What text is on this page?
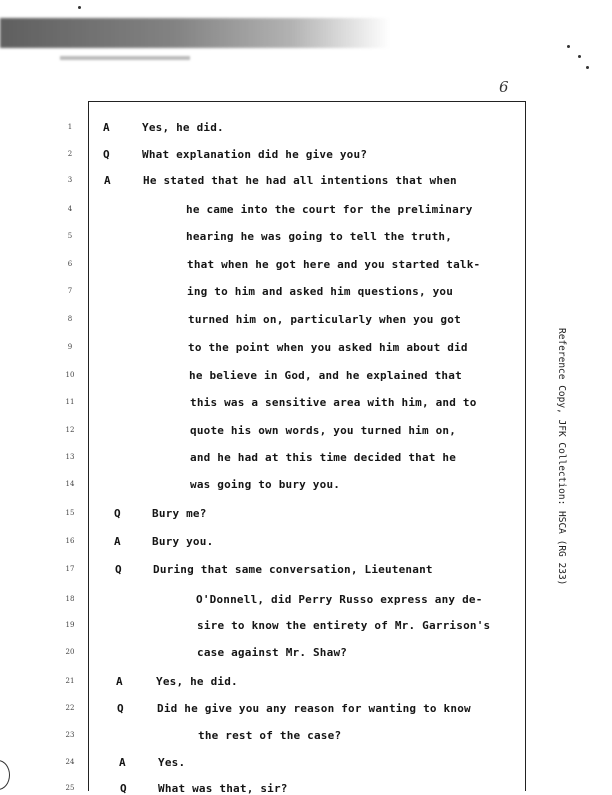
6
Reference Copy, JFK Collection: HSCA (RG 233)
1	A	Yes, he did.
2	Q	What explanation did he give you?
3	A	He stated that he had all intentions that when
4	he came into the court for the preliminary
5	hearing he was going to tell the truth,
6	that when he got here and you started talk-
7	ing to him and asked him questions, you
8	turned him on, particularly when you got
9	to the point when you asked him about did
10	he believe in God, and he explained that
11	this was a sensitive area with him, and to
12	quote his own words, you turned him on,
13	and he had at this time decided that he
14	was going to bury you.
15	Q	Bury me?
16	A	Bury you.
17	Q	During that same conversation, Lieutenant
18	O'Donnell, did Perry Russo express any de-
19	sire to know the entirety of Mr. Garrison's
20	case against Mr. Shaw?
21	A	Yes, he did.
22	Q	Did he give you any reason for wanting to know
23	the rest of the case?
24	A	Yes.
25	Q	What was that, sir?
